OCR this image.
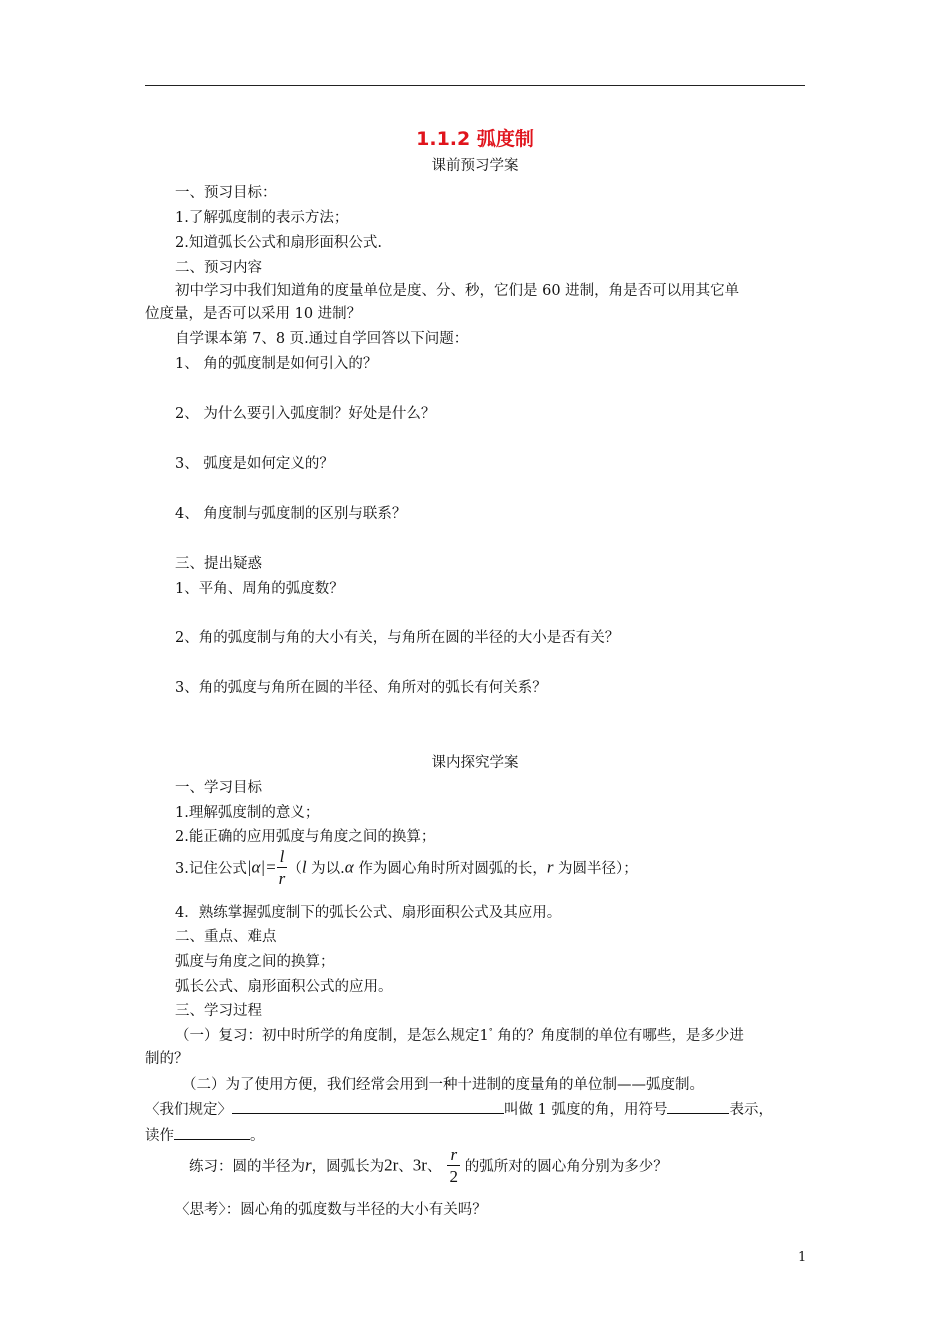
1.1.2 弧度制
课前预习学案
一、预习目标：
1.了解弧度制的表示方法；
2.知道弧长公式和扇形面积公式.
二、预习内容
初中学习中我们知道角的度量单位是度、分、秒，它们是 60 进制，角是否可以用其它单
位度量，是否可以采用 10 进制？
自学课本第 7、8 页.通过自学回答以下问题：
1、 角的弧度制是如何引入的？
2、 为什么要引入弧度制？好处是什么？
3、 弧度是如何定义的？
4、 角度制与弧度制的区别与联系？
三、提出疑惑
1、平角、周角的弧度数？
2、角的弧度制与角的大小有关，与角所在圆的半径的大小是否有关？
3、角的弧度与角所在圆的半径、角所对的弧长有何关系？
课内探究学案
一、学习目标
1.理解弧度制的意义；
2.能正确的应用弧度与角度之间的换算；
3.记住公式$|\alpha|= \frac{l}{r} (l$ 为以.α 作为圆心角时所对圆弧的长，r 为圆半径）；
4．熟练掌握弧度制下的弧长公式、扇形面积公式及其应用。
二、重点、难点
弧度与角度之间的换算；
弧长公式、扇形面积公式的应用。
三、学习过程
（一）复习：初中时所学的角度制，是怎么规定1° 角的？角度制的单位有哪些，是多少进
制的？
（二）为了使用方便，我们经常会用到一种十进制的度量角的单位制——弧度制。
〈我们规定〉	叫做 1 弧度的角，用符号	表示，
读作	。
练习：圆的半径为r，圆弧长为2r、3r、 $\frac{r}{2}$ 的弧所对的圆心角分别为多少？
〈思考〉：圆心角的弧度数与半径的大小有关吗？
1
